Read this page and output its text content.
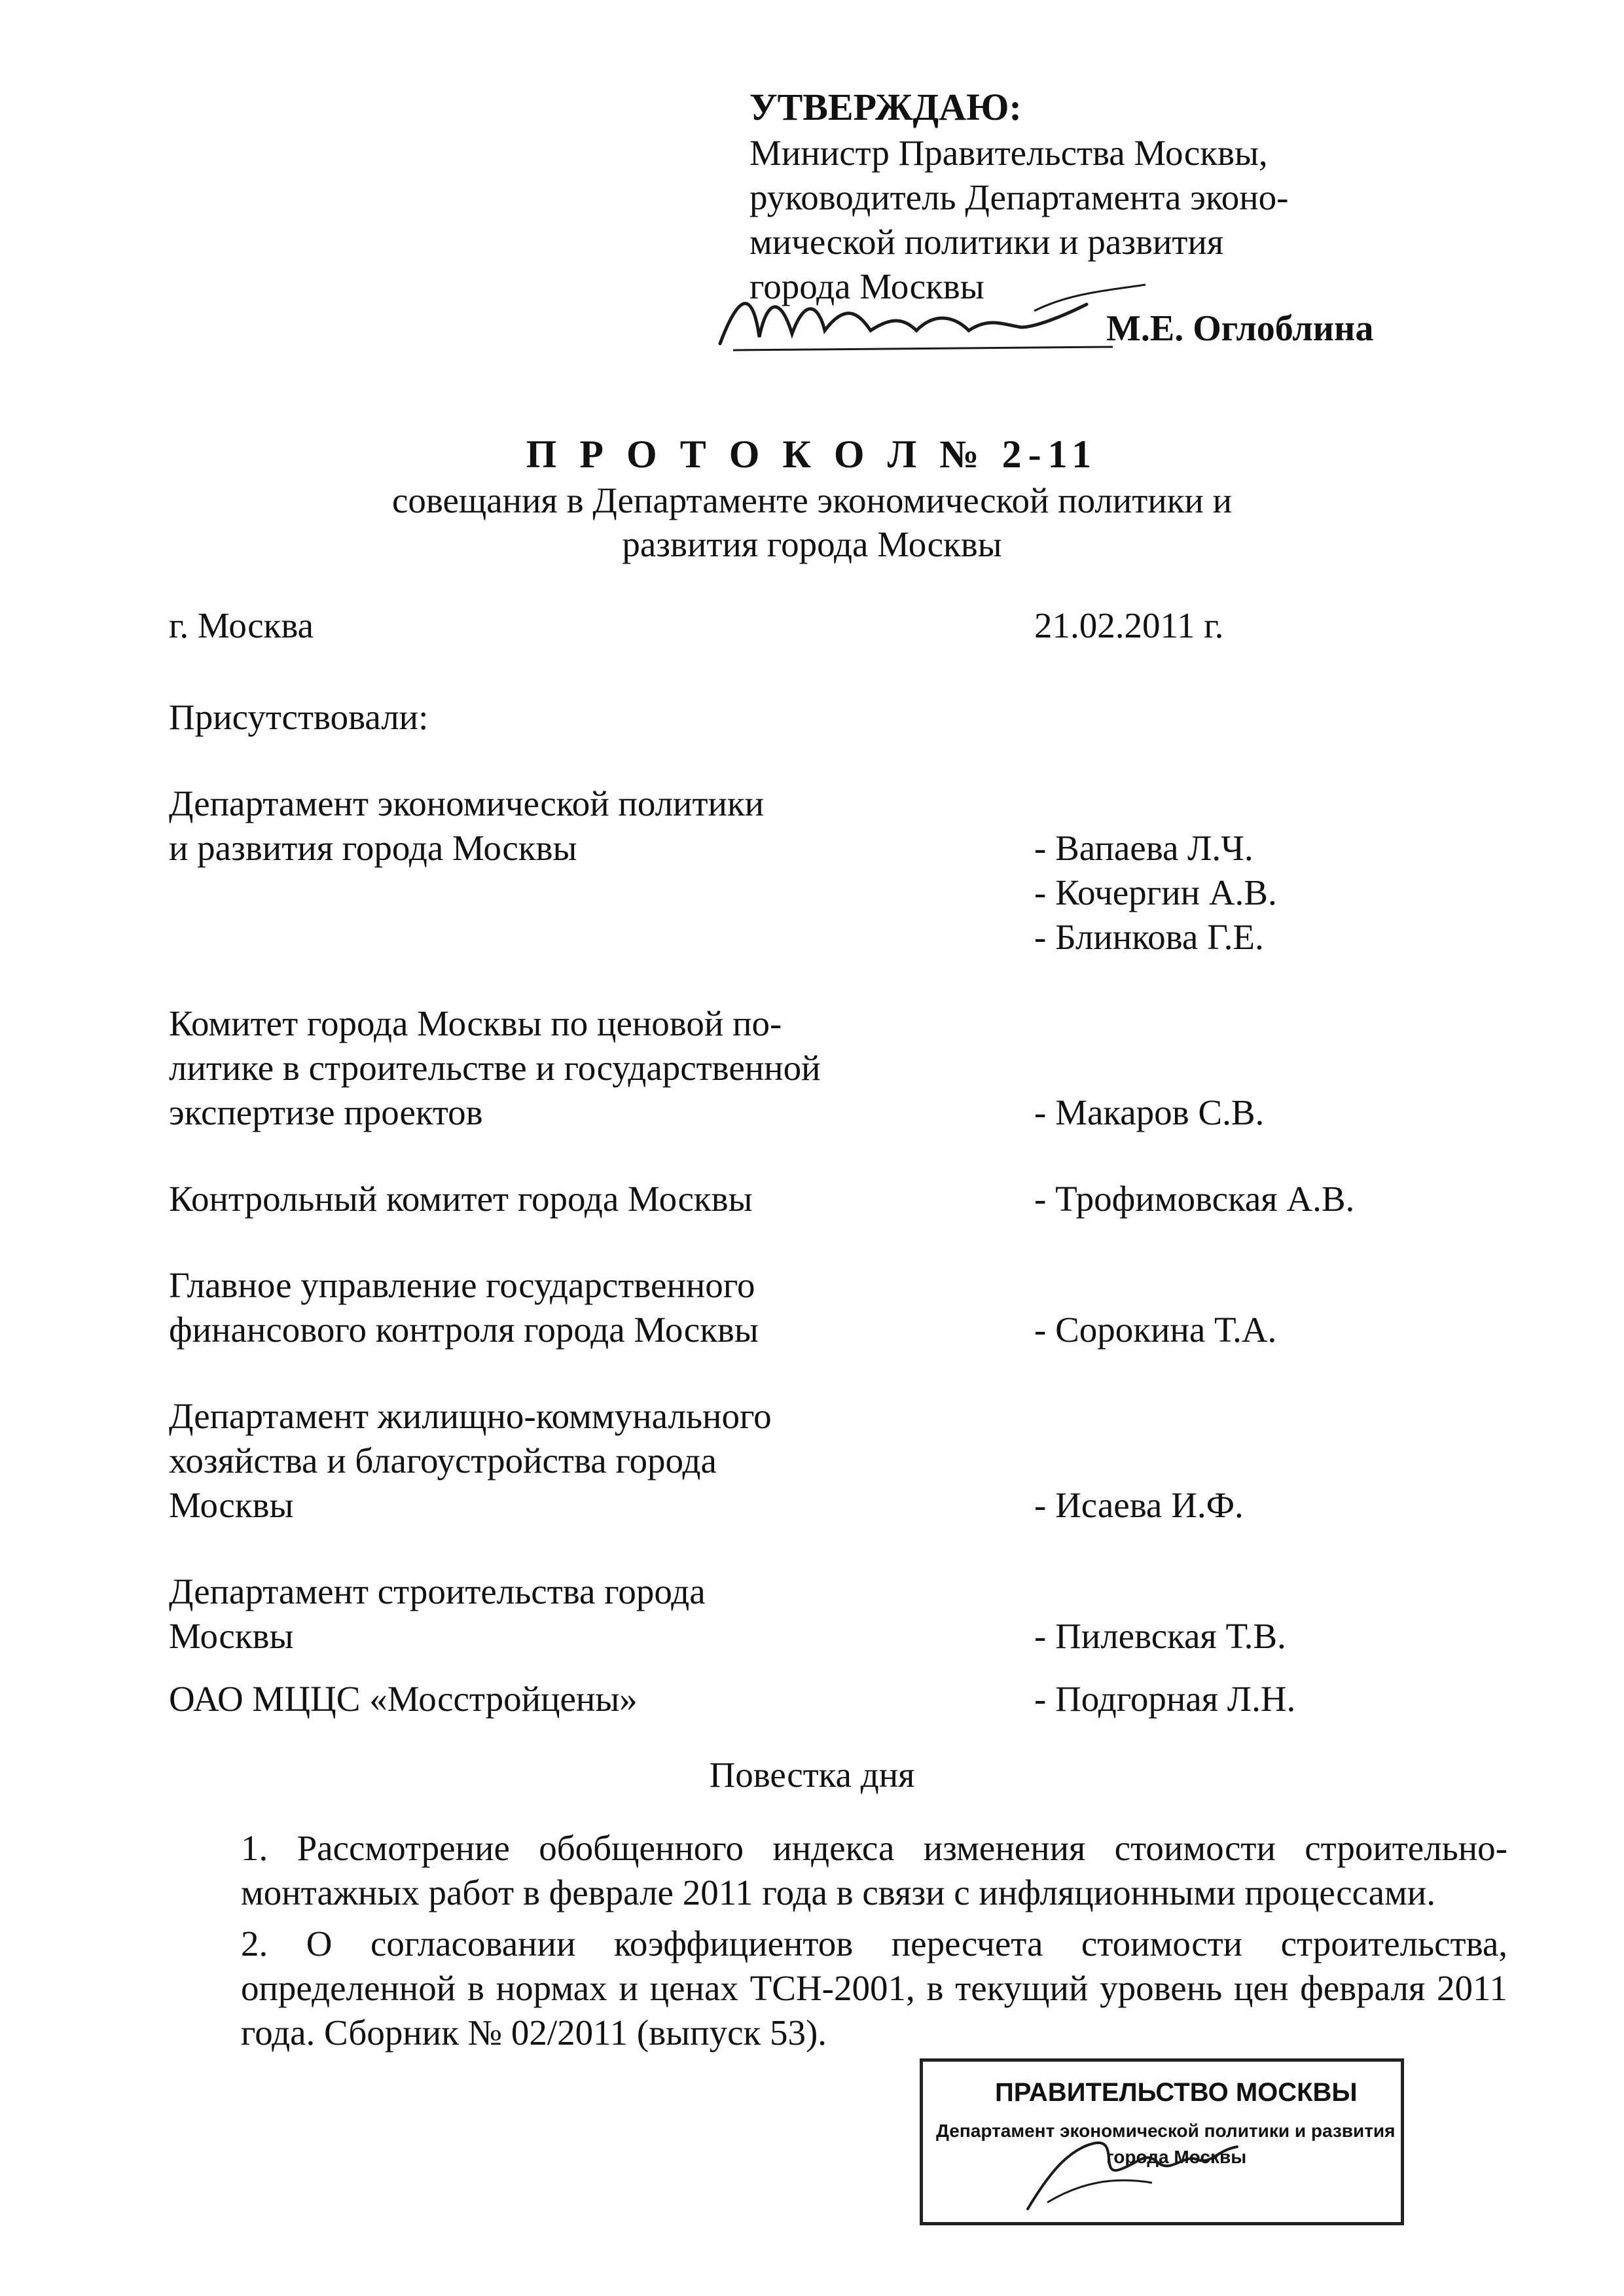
УТВЕРЖДАЮ:
Министр Правительства Москвы,
руководитель Департамента эконо-
мической политики и развития
города Москвы
М.Е. Оглоблина
П Р О Т О К О Л № 2-11
совещания в Департаменте экономической политики и
развития города Москвы
г. Москва	21.02.2011 г.
Присутствовали:
Департамент экономической политики
и развития города Москвы	- Вапаева Л.Ч.
- Кочергин А.В.
- Блинкова Г.Е.
Комитет города Москвы по ценовой по-
литике в строительстве и государственной
экспертизе проектов	- Макаров С.В.
Контрольный комитет города Москвы	- Трофимовская А.В.
Главное управление государственного
финансового контроля города Москвы	- Сорокина Т.А.
Департамент жилищно-коммунального
хозяйства и благоустройства города
Москвы	- Исаева И.Ф.
Департамент строительства города
Москвы	- Пилевская Т.В.
ОАО МЦЦС «Мосстройцены»	- Подгорная Л.Н.
Повестка дня
1. Рассмотрение обобщенного индекса изменения стоимости строительно-монтажных работ в феврале 2011 года в связи с инфляционными процессами.
2. О согласовании коэффициентов пересчета стоимости строительства, определенной в нормах и ценах ТСН-2001, в текущий уровень цен февраля 2011 года. Сборник № 02/2011 (выпуск 53).
ПРАВИТЕЛЬСТВО МОСКВЫ
Департамент экономической политики и развития
города Москвы
